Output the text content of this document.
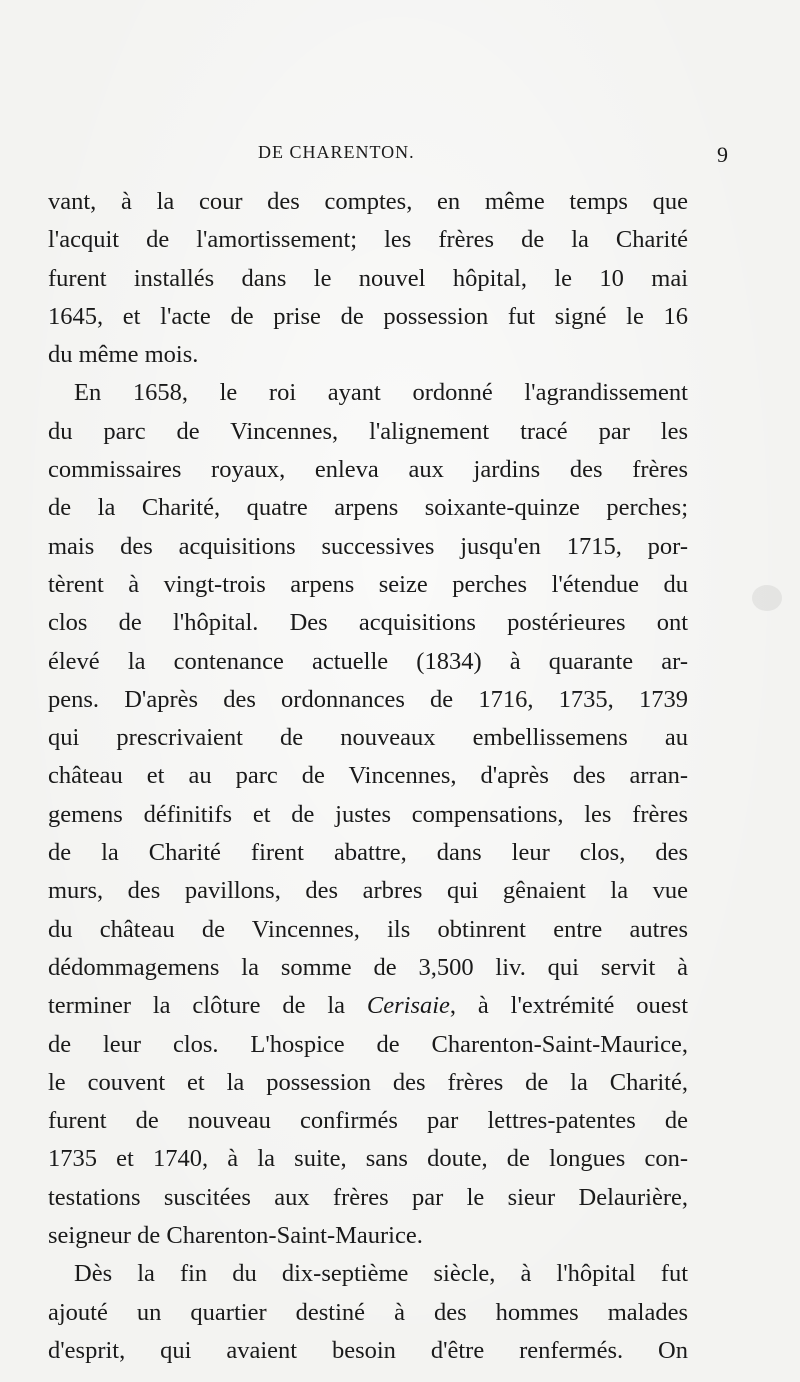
DE CHARENTON.	9
vant, à la cour des comptes, en même temps que
l'acquit de l'amortissement; les frères de la Charité
furent installés dans le nouvel hôpital, le 10 mai
1645, et l'acte de prise de possession fut signé le 16
du même mois.
En 1658, le roi ayant ordonné l'agrandissement
du parc de Vincennes, l'alignement tracé par les
commissaires royaux, enleva aux jardins des frères
de la Charité, quatre arpens soixante-quinze perches;
mais des acquisitions successives jusqu'en 1715, por-
tèrent à vingt-trois arpens seize perches l'étendue du
clos de l'hôpital. Des acquisitions postérieures ont
élevé la contenance actuelle (1834) à quarante ar-
pens. D'après des ordonnances de 1716, 1735, 1739
qui prescrivaient de nouveaux embellissemens au
château et au parc de Vincennes, d'après des arran-
gemens définitifs et de justes compensations, les frères
de la Charité firent abattre, dans leur clos, des
murs, des pavillons, des arbres qui gênaient la vue
du château de Vincennes, ils obtinrent entre autres
dédommagemens la somme de 3,500 liv. qui servit à
terminer la clôture de la Cerisaie, à l'extrémité ouest
de leur clos. L'hospice de Charenton-Saint-Maurice,
le couvent et la possession des frères de la Charité,
furent de nouveau confirmés par lettres-patentes de
1735 et 1740, à la suite, sans doute, de longues con-
testations suscitées aux frères par le sieur Delaurière,
seigneur de Charenton-Saint-Maurice.
Dès la fin du dix-septième siècle, à l'hôpital fut
ajouté un quartier destiné à des hommes malades
d'esprit, qui avaient besoin d'être renfermés. On
